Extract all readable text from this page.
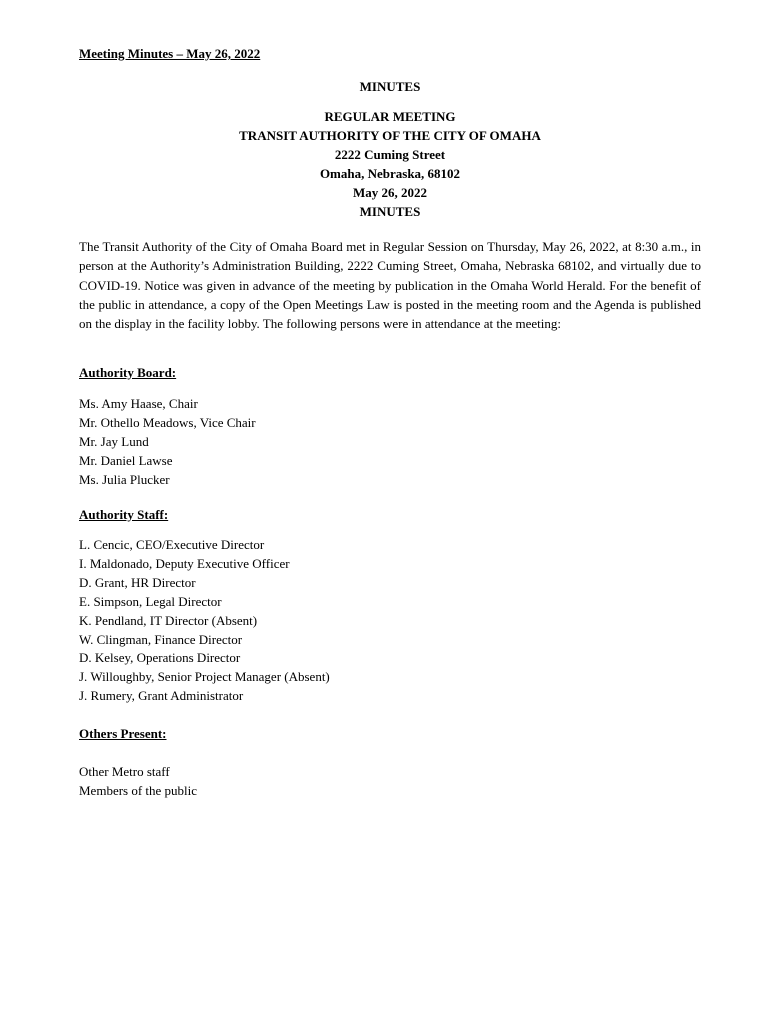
Meeting Minutes – May 26, 2022
MINUTES
REGULAR MEETING
TRANSIT AUTHORITY OF THE CITY OF OMAHA
2222 Cuming Street
Omaha, Nebraska, 68102
May 26, 2022
MINUTES

The Transit Authority of the City of Omaha Board met in Regular Session on Thursday, May 26, 2022, at 8:30 a.m., in person at the Authority’s Administration Building, 2222 Cuming Street, Omaha, Nebraska 68102, and virtually due to COVID-19. Notice was given in advance of the meeting by publication in the Omaha World Herald. For the benefit of the public in attendance, a copy of the Open Meetings Law is posted in the meeting room and the Agenda is published on the display in the facility lobby. The following persons were in attendance at the meeting:

Authority Board:
Ms. Amy Haase, Chair
Mr. Othello Meadows, Vice Chair
Mr. Jay Lund
Mr. Daniel Lawse
Ms. Julia Plucker
Authority Staff:
L. Cencic, CEO/Executive Director
I. Maldonado, Deputy Executive Officer
D. Grant, HR Director
E. Simpson, Legal Director
K. Pendland, IT Director (Absent)
W. Clingman, Finance Director
D. Kelsey, Operations Director
J. Willoughby, Senior Project Manager (Absent)
J. Rumery, Grant Administrator
Others Present:
Other Metro staff
Members of the public
